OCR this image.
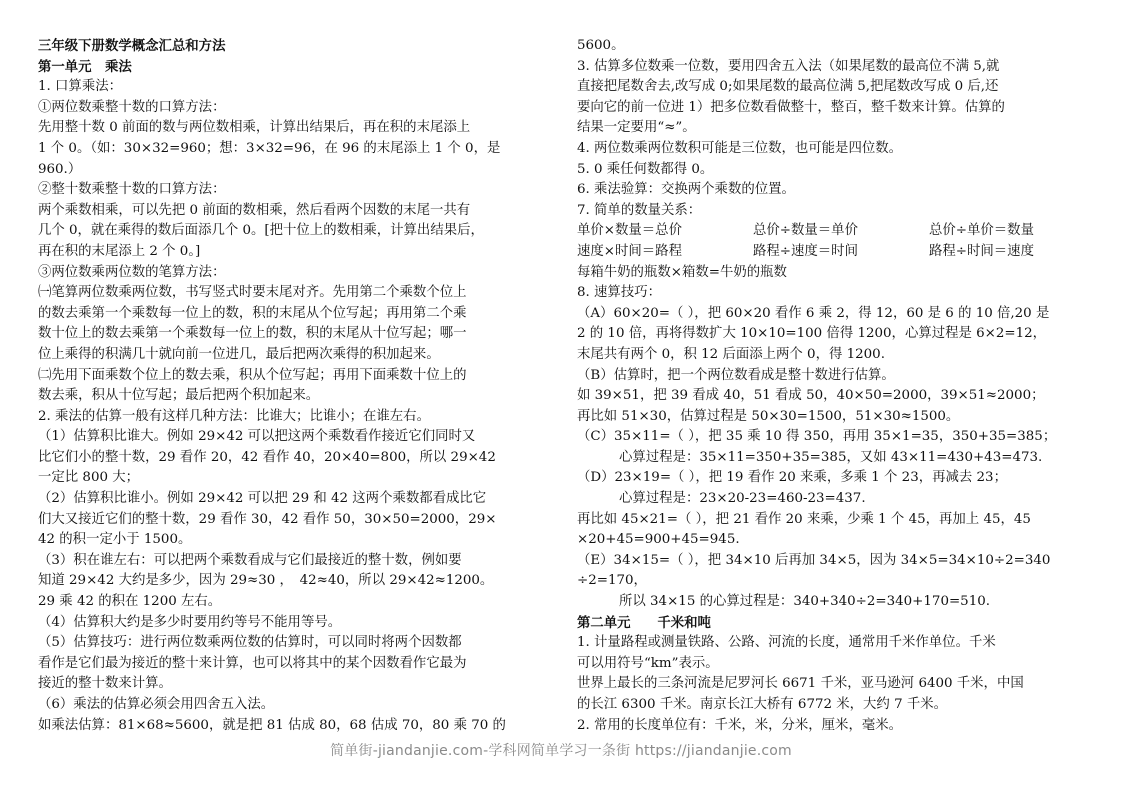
三年级下册数学概念汇总和方法
第一单元　乘法
1. 口算乘法：
①两位数乘整十数的口算方法：
先用整十数 0 前面的数与两位数相乘，计算出结果后，再在积的末尾添上
1 个 0。（如：30×32=960；想：3×32=96，在 96 的末尾添上 1 个 0，是
960.）
②整十数乘整十数的口算方法：
两个乘数相乘，可以先把 0 前面的数相乘，然后看两个因数的末尾一共有
几个 0，就在乘得的数后面添几个 0。[把十位上的数相乘，计算出结果后，
再在积的末尾添上 2 个 0。]
③两位数乘两位数的笔算方法：
㈠笔算两位数乘两位数，书写竖式时要末尾对齐。先用第二个乘数个位上
的数去乘第一个乘数每一位上的数，积的末尾从个位写起；再用第二个乘
数十位上的数去乘第一个乘数每一位上的数，积的末尾从十位写起；哪一
位上乘得的积满几十就向前一位进几，最后把两次乘得的积加起来。
㈡先用下面乘数个位上的数去乘，积从个位写起；再用下面乘数十位上的
数去乘，积从十位写起；最后把两个积加起来。
2. 乘法的估算一般有这样几种方法：比谁大；比谁小；在谁左右。
（1）估算积比谁大。例如 29×42 可以把这两个乘数看作接近它们同时又
比它们小的整十数，29 看作 20，42 看作 40，20×40=800，所以 29×42
一定比 800 大；
（2）估算积比谁小。例如 29×42 可以把 29 和 42 这两个乘数都看成比它
们大又接近它们的整十数，29 看作 30，42 看作 50，30×50=2000，29×
42 的积一定小于 1500。
（3）积在谁左右：可以把两个乘数看成与它们最接近的整十数，例如要
知道 29×42 大约是多少，因为 29≈30 ，　42≈40，所以 29×42≈1200。
29 乘 42 的积在 1200 左右。
（4）估算积大约是多少时要用约等号不能用等号。
（5）估算技巧：进行两位数乘两位数的估算时，可以同时将两个因数都
看作是它们最为接近的整十来计算，也可以将其中的某个因数看作它最为
接近的整十数来计算。
（6）乘法的估算必须会用四舍五入法。
如乘法估算：81×68≈5600，就是把 81 估成 80，68 估成 70，80 乘 70 的
5600。
3. 估算多位数乘一位数，要用四舍五入法（如果尾数的最高位不满 5,就
直接把尾数舍去,改写成 0;如果尾数的最高位满 5,把尾数改写成 0 后,还
要向它的前一位进 1）把多位数看做整十，整百，整千数来计算。估算的
结果一定要用“≈”。
4. 两位数乘两位数积可能是三位数，也可能是四位数。
5. 0 乘任何数都得 0。
6. 乘法验算：交换两个乘数的位置。
7. 简单的数量关系：
单价×数量＝总价	总价÷数量＝单价	总价÷单价＝数量
速度×时间＝路程	路程÷速度＝时间	路程÷时间＝速度
每箱牛奶的瓶数×箱数=牛奶的瓶数
8. 速算技巧：
（A）60×20=（ ），把 60×20 看作 6 乘 2，得 12，60 是 6 的 10 倍,20 是
2 的 10 倍，再将得数扩大 10×10=100 倍得 1200，心算过程是 6×2=12，
末尾共有两个 0，积 12 后面添上两个 0，得 1200.
（B）估算时，把一个两位数看成是整十数进行估算。
如 39×51，把 39 看成 40，51 看成 50，40×50=2000，39×51≈2000；
再比如 51×30，估算过程是 50×30=1500，51×30≈1500。
（C）35×11=（ ），把 35 乘 10 得 350，再用 35×1=35，350+35=385；
心算过程是：35×11=350+35=385，又如 43×11=430+43=473.
（D）23×19=（ ），把 19 看作 20 来乘，多乘 1 个 23，再减去 23；
心算过程是：23×20-23=460-23=437.
再比如 45×21=（ ），把 21 看作 20 来乘，少乘 1 个 45，再加上 45，45
×20+45=900+45=945.
（E）34×15=（ ），把 34×10 后再加 34×5，因为 34×5=34×10÷2=340
÷2=170，
所以 34×15 的心算过程是：340+340÷2=340+170=510.
第二单元　　千米和吨
1. 计量路程或测量铁路、公路、河流的长度，通常用千米作单位。千米
可以用符号“km”表示。
世界上最长的三条河流是尼罗河长 6671 千米，亚马逊河 6400 千米，中国
的长江 6300 千米。南京长江大桥有 6772 米，大约 7 千米。
2. 常用的长度单位有：千米，米，分米，厘米，毫米。
简单街-jiandanjie.com-学科网简单学习一条街 https://jiandanjie.com
